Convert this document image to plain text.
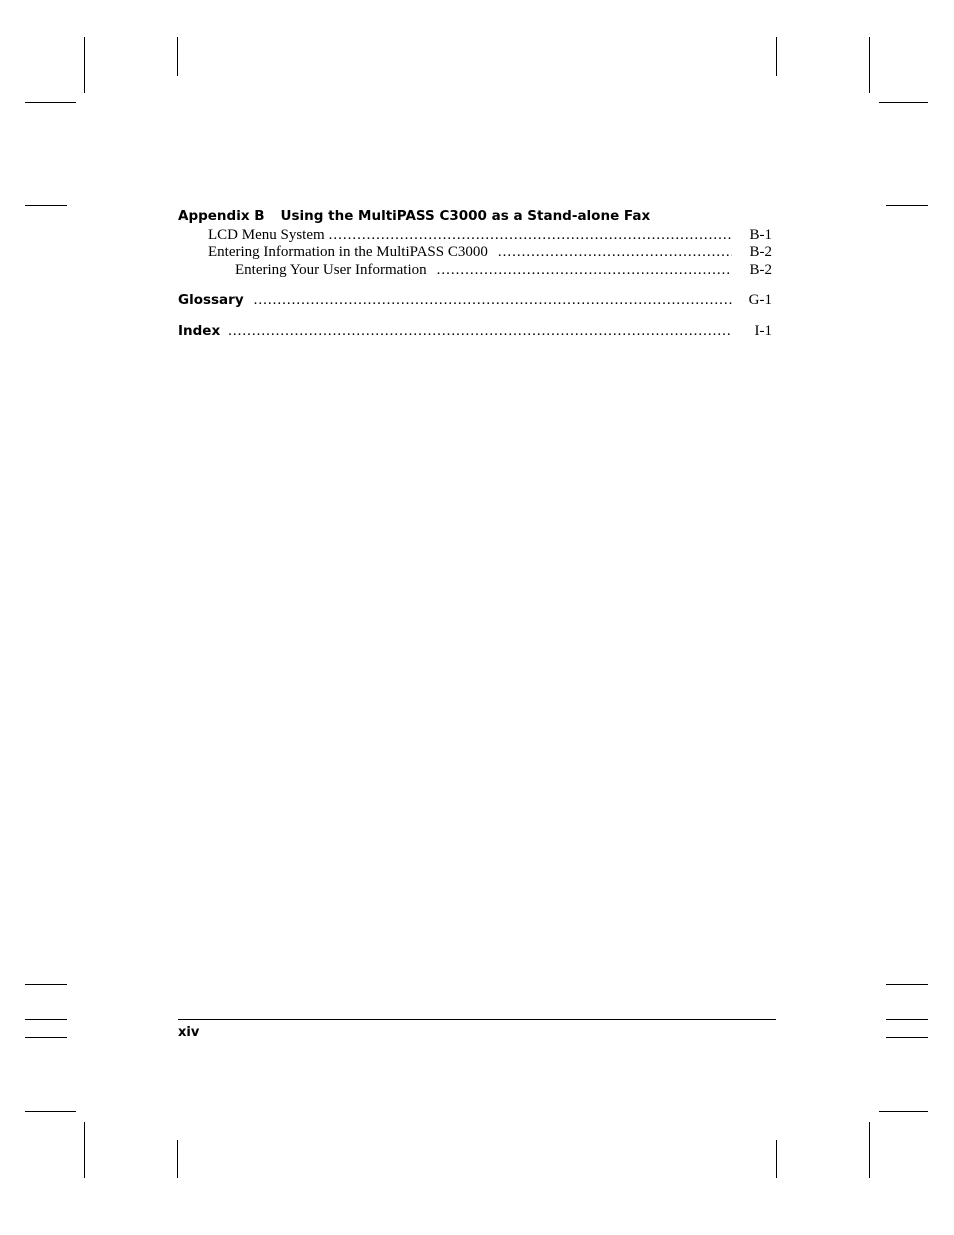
Appendix B Using the MultiPASS C3000 as a Stand-alone Fax
LCD Menu System .....	B-1
Entering Information in the MultiPASS C3000 .....	B-2
Entering Your User Information .....	B-2
Glossary .....	G-1
Index .....	I-1
xiv
